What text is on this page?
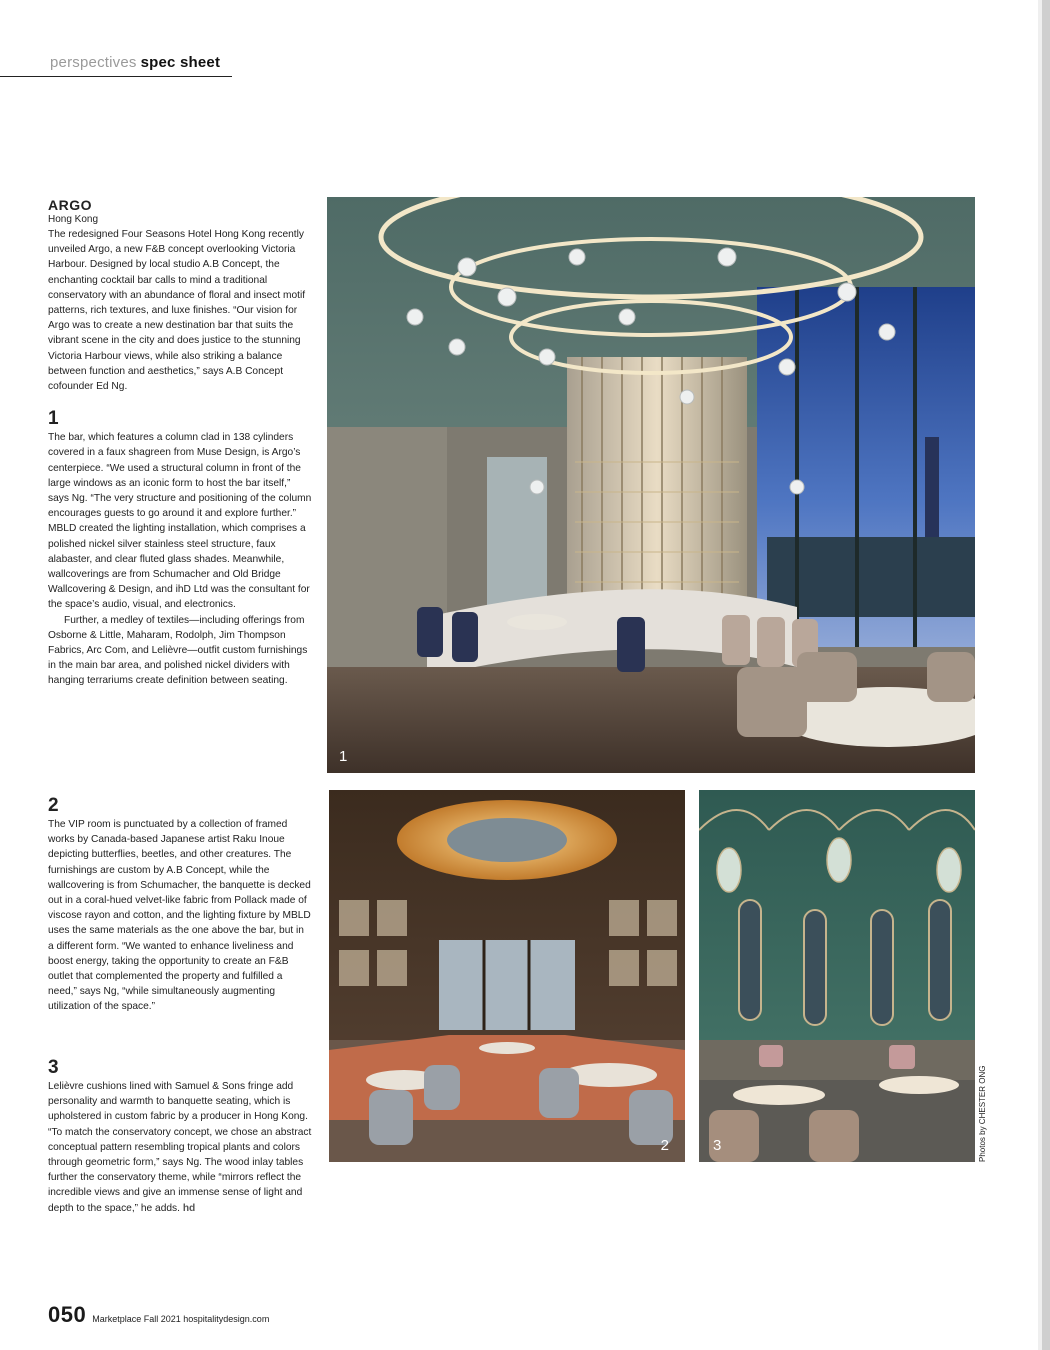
perspectives spec sheet

ARGO

Hong Kong

The redesigned Four Seasons Hotel Hong Kong recently unveiled Argo, a new F&B concept overlooking Victoria Harbour. Designed by local studio A.B Concept, the enchanting cocktail bar calls to mind a traditional conservatory with an abundance of floral and insect motif patterns, rich textures, and luxe finishes. “Our vision for Argo was to create a new destination bar that suits the vibrant scene in the city and does justice to the stunning Victoria Harbour views, while also striking a balance between function and aesthetics,” says A.B Concept cofounder Ed Ng.

1

The bar, which features a column clad in 138 cylinders covered in a faux shagreen from Muse Design, is Argo’s centerpiece. “We used a structural column in front of the large windows as an iconic form to host the bar itself,” says Ng. “The very structure and positioning of the column encourages guests to go around it and explore further.” MBLD created the lighting installation, which comprises a polished nickel silver stainless steel structure, faux alabaster, and clear fluted glass shades. Meanwhile, wallcoverings are from Schumacher and Old Bridge Wallcovering & Design, and ihD Ltd was the consultant for the space’s audio, visual, and electronics.

Further, a medley of textiles—including offerings from Osborne & Little, Maharam, Rodolph, Jim Thompson Fabrics, Arc Com, and Lelièvre—outfit custom furnishings in the main bar area, and polished nickel dividers with hanging terrariums create definition between seating.

2

The VIP room is punctuated by a collection of framed works by Canada-based Japanese artist Raku Inoue depicting butterflies, beetles, and other creatures. The furnishings are custom by A.B Concept, while the wallcovering is from Schumacher, the banquette is decked out in a coral-hued velvet-like fabric from Pollack made of viscose rayon and cotton, and the lighting fixture by MBLD uses the same materials as the one above the bar, but in a different form. “We wanted to enhance liveliness and boost energy, taking the opportunity to create an F&B outlet that complemented the property and fulfilled a need,” says Ng, “while simultaneously augmenting utilization of the space.”

3

Lelièvre cushions lined with Samuel & Sons fringe add personality and warmth to banquette seating, which is upholstered in custom fabric by a producer in Hong Kong. “To match the conservatory concept, we chose an abstract conceptual pattern resembling tropical plants and colors through geometric form,” says Ng. The wood inlay tables further the conservatory theme, while “mirrors reflect the incredible views and give an immense sense of light and depth to the space,” he adds. hd

1
2	3	Photos by CHESTER ONG
050 Marketplace Fall 2021 hospitalitydesign.com
